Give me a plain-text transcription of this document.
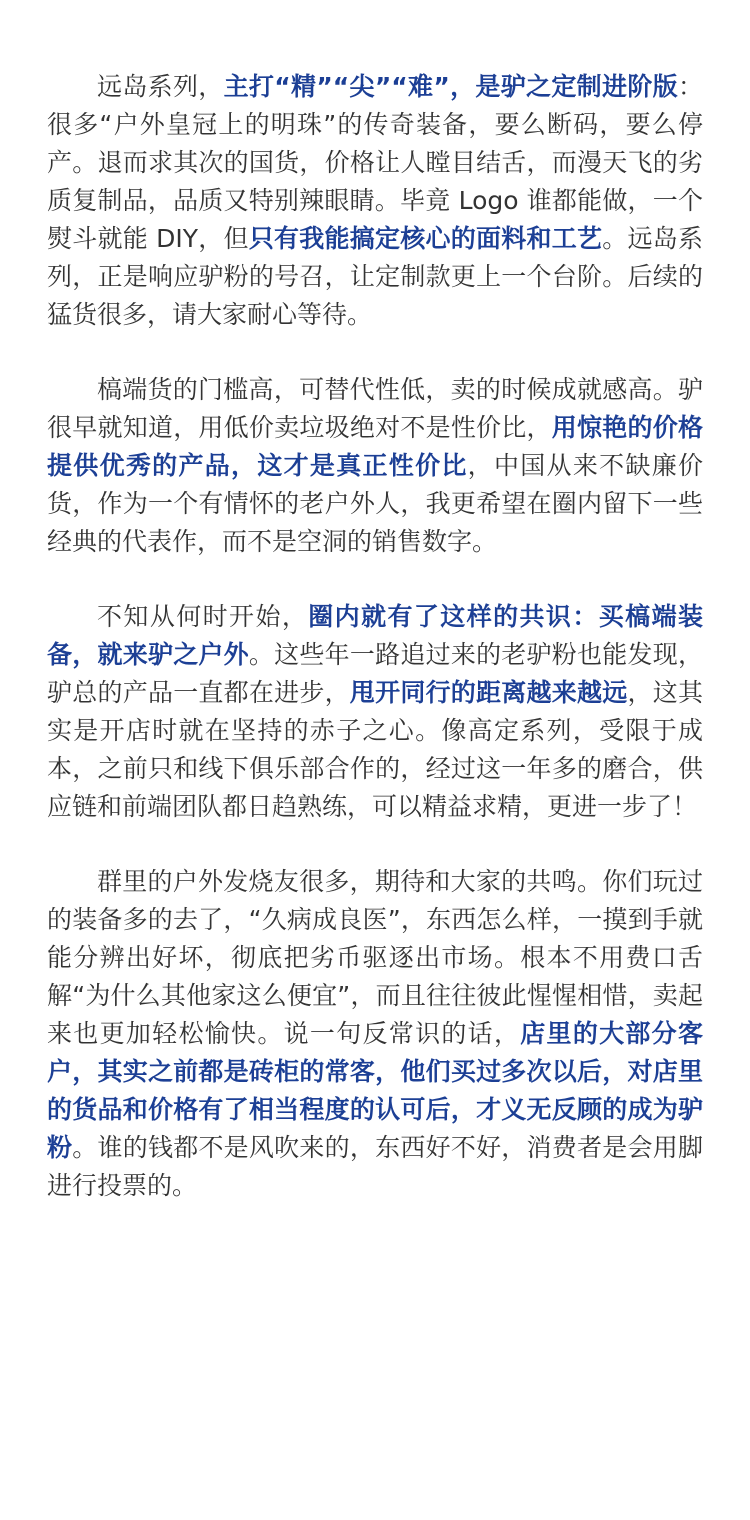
远岛系列，主打“精”“尖”“难”，是驴之定制进阶版：很多“户外皇冠上的明珠”的传奇装备，要么断码，要么停产。退而求其次的国货，价格让人瞠目结舌，而漫天飞的劣质复制品，品质又特别辣眼睛。毕竟 Logo 谁都能做，一个熨斗就能 DIY，但只有我能搞定核心的面料和工艺。远岛系列，正是响应驴粉的号召，让定制款更上一个台阶。后续的猛货很多，请大家耐心等待。

槁端货的门槛高，可替代性低，卖的时候成就感高。驴很早就知道，用低价卖垃圾绝对不是性价比，用惊艳的价格提供优秀的产品，这才是真正性价比，中国从来不缺廉价货，作为一个有情怀的老户外人，我更希望在圈内留下一些经典的代表作，而不是空洞的销售数字。

不知从何时开始，圈内就有了这样的共识：买槁端装备，就来驴之户外。这些年一路追过来的老驴粉也能发现，驴总的产品一直都在进步，甩开同行的距离越来越远，这其实是开店时就在坚持的赤子之心。像高定系列，受限于成本，之前只和线下俱乐部合作的，经过这一年多的磨合，供应链和前端团队都日趋熟练，可以精益求精，更进一步了！

群里的户外发烧友很多，期待和大家的共鸣。你们玩过的装备多的去了，“久病成良医”，东西怎么样，一摸到手就能分辨出好坏，彻底把劣币驱逐出市场。根本不用费口舌解“为什么其他家这么便宜”，而且往往彼此惺惺相惜，卖起来也更加轻松愉快。说一句反常识的话，店里的大部分客户，其实之前都是砖柜的常客，他们买过多次以后，对店里的货品和价格有了相当程度的认可后，才义无反顾的成为驴粉。谁的钱都不是风吹来的，东西好不好，消费者是会用脚进行投票的。
